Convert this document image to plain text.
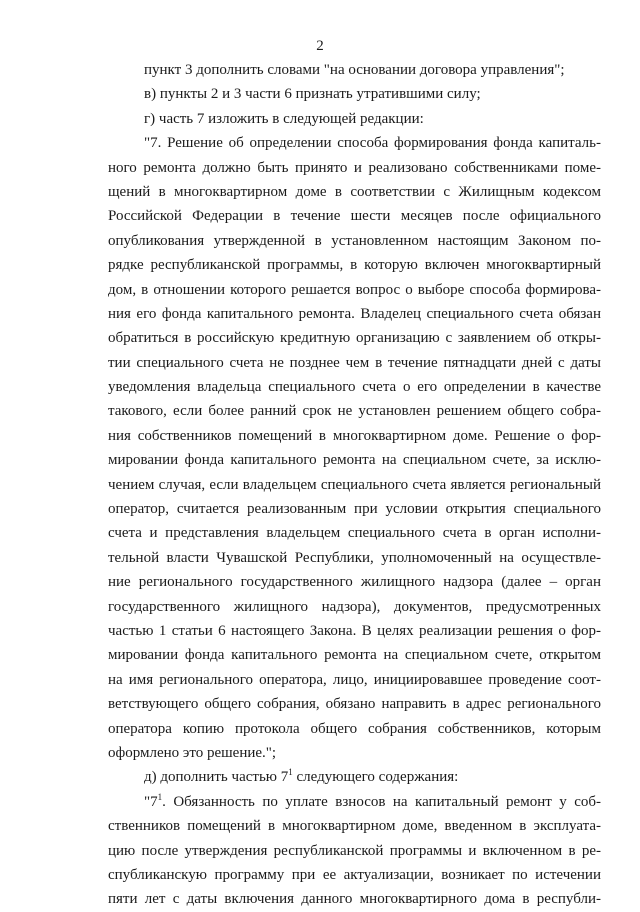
2
пункт 3 дополнить словами "на основании договора управления";
в) пункты 2 и 3 части 6 признать утратившими силу;
г) часть 7 изложить в следующей редакции:
"7. Решение об определении способа формирования фонда капиталь-
ного ремонта должно быть принято и реализовано собственниками поме-
щений в многоквартирном доме в соответствии с Жилищным кодексом
Российской Федерации в течение шести месяцев после официального
опубликования утвержденной в установленном настоящим Законом по-
рядке республиканской программы, в которую включен многоквартирный
дом, в отношении которого решается вопрос о выборе способа формирова-
ния его фонда капитального ремонта. Владелец специального счета обязан
обратиться в российскую кредитную организацию с заявлением об откры-
тии специального счета не позднее чем в течение пятнадцати дней с даты
уведомления владельца специального счета о его определении в качестве
такового, если более ранний срок не установлен решением общего собра-
ния собственников помещений в многоквартирном доме. Решение о фор-
мировании фонда капитального ремонта на специальном счете, за исклю-
чением случая, если владельцем специального счета является региональный
оператор, считается реализованным при условии открытия специального
счета и представления владельцем специального счета в орган исполни-
тельной власти Чувашской Республики, уполномоченный на осуществле-
ние регионального государственного жилищного надзора (далее – орган
государственного жилищного надзора), документов, предусмотренных
частью 1 статьи 6 настоящего Закона. В целях реализации решения о фор-
мировании фонда капитального ремонта на специальном счете, открытом
на имя регионального оператора, лицо, инициировавшее проведение соот-
ветствующего общего собрания, обязано направить в адрес регионального
оператора копию протокола общего собрания собственников, которым
оформлено это решение.";
д) дополнить частью $7^1$ следующего содержания:
"$7^1$. Обязанность по уплате взносов на капитальный ремонт у соб-
ственников помещений в многоквартирном доме, введенном в эксплуата-
цию после утверждения республиканской программы и включенном в ре-
спубликанскую программу при ее актуализации, возникает по истечении
пяти лет с даты включения данного многоквартирного дома в республи-
